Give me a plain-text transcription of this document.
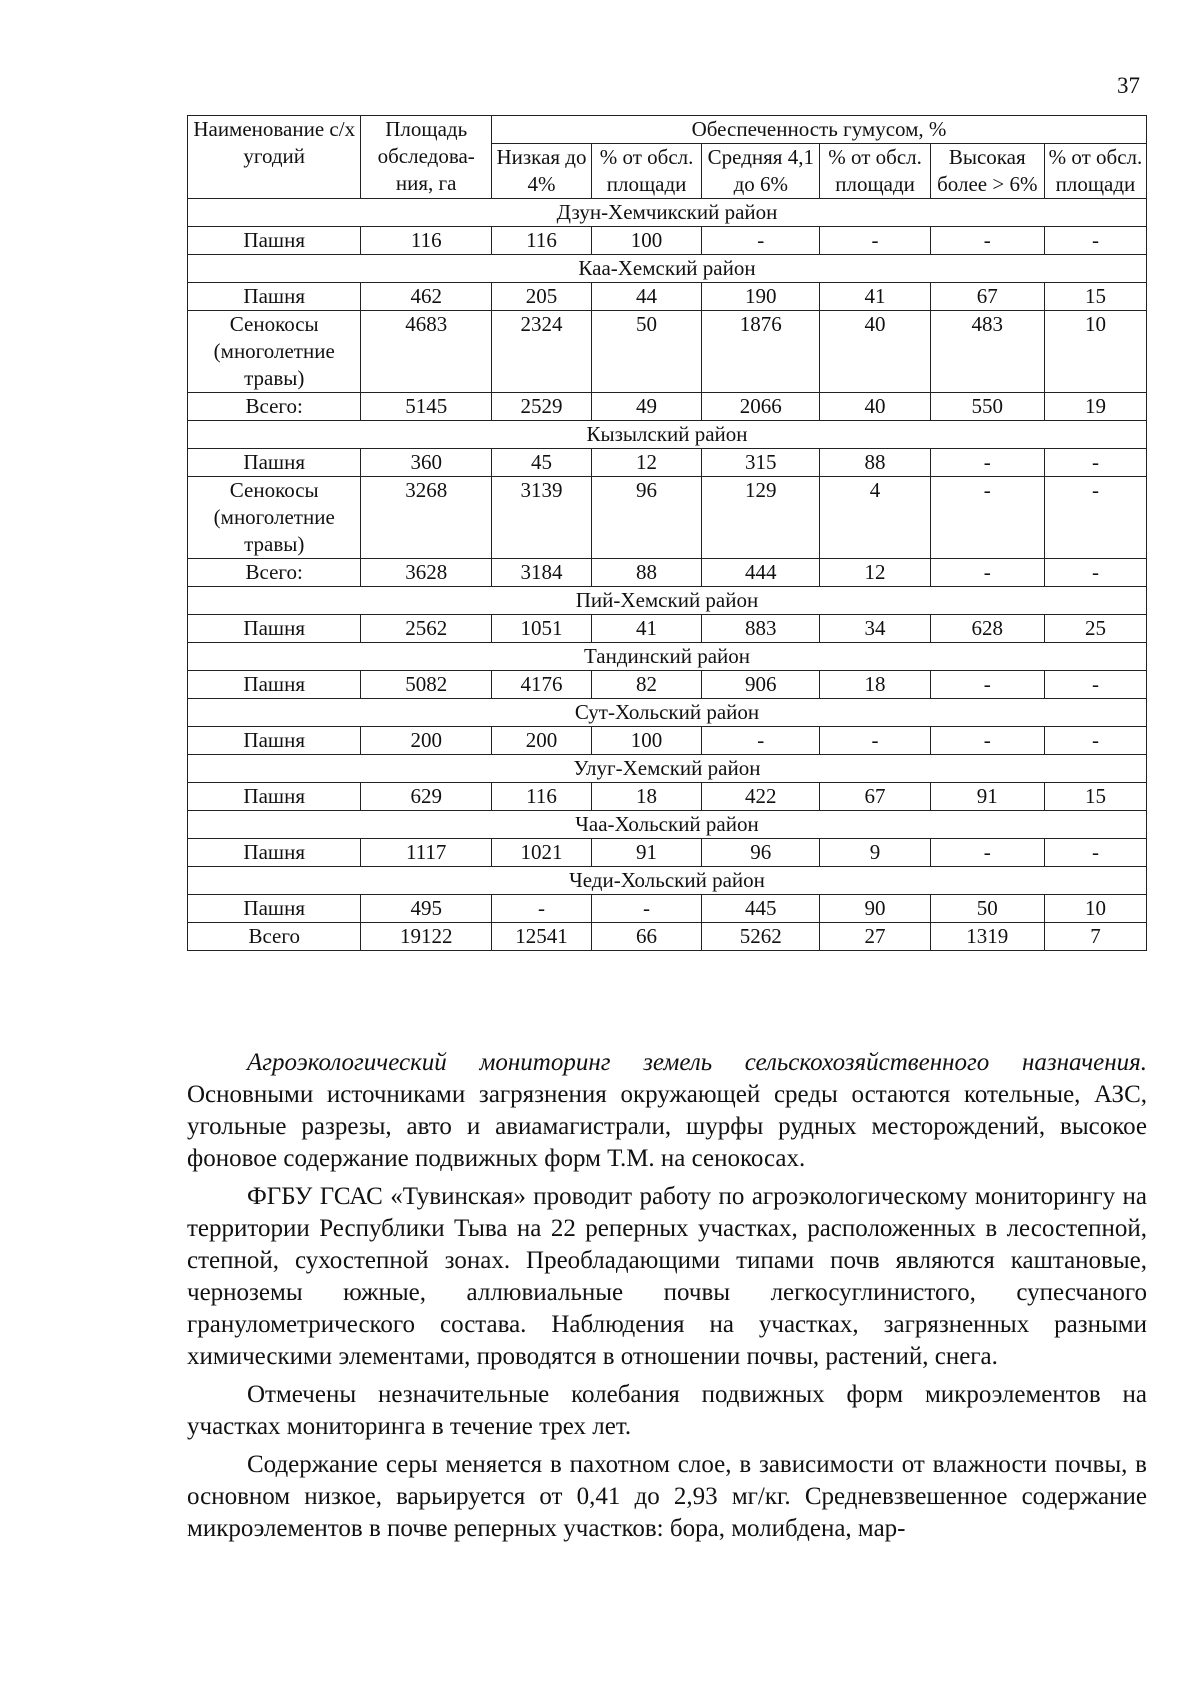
37
Наименование с/х угодий	Площадь обследова-ния, га	Обеспеченность гумусом, %					
		Низкая до 4%	% от обсл. площади	Средняя 4,1 до 6%	% от обсл. площади	Высокая более > 6%	% от обсл. площади
Дзун-Хемчикский район							
Пашня	116	116	100	-	-	-	-
Каа-Хемский район							
Пашня	462	205	44	190	41	67	15
Сенокосы (многолетние травы)	4683	2324	50	1876	40	483	10
Всего:	5145	2529	49	2066	40	550	19
Кызылский район							
Пашня	360	45	12	315	88	-	-
Сенокосы (многолетние травы)	3268	3139	96	129	4	-	-
Всего:	3628	3184	88	444	12	-	-
Пий-Хемский район							
Пашня	2562	1051	41	883	34	628	25
Тандинский район							
Пашня	5082	4176	82	906	18	-	-
Сут-Хольский район							
Пашня	200	200	100	-	-	-	-
Улуг-Хемский район							
Пашня	629	116	18	422	67	91	15
Чаа-Хольский район							
Пашня	1117	1021	91	96	9	-	-
Чеди-Хольский район							
Пашня	495	-	-	445	90	50	10
Всего	19122	12541	66	5262	27	1319	7

Агроэкологический мониторинг земель сельскохозяйственного назначения. Основными источниками загрязнения окружающей среды остаются котельные, АЗС, угольные разрезы, авто и авиамагистрали, шурфы рудных месторождений, высокое фоновое содержание подвижных форм Т.М. на сенокосах.

ФГБУ ГСАС «Тувинская» проводит работу по агроэкологическому мониторингу на территории Республики Тыва на 22 реперных участках, расположенных в лесостепной, степной, сухостепной зонах. Преобладающими типами почв являются каштановые, черноземы южные, аллювиальные почвы легкосуглинистого, супесчаного гранулометрического состава. Наблюдения на участках, загрязненных разными химическими элементами, проводятся в отношении почвы, растений, снега.

Отмечены незначительные колебания подвижных форм микроэлементов на участках мониторинга в течение трех лет.

Содержание серы меняется в пахотном слое, в зависимости от влажности почвы, в основном низкое, варьируется от 0,41 до 2,93 мг/кг. Средневзвешенное содержание микроэлементов в почве реперных участков: бора, молибдена, мар-
